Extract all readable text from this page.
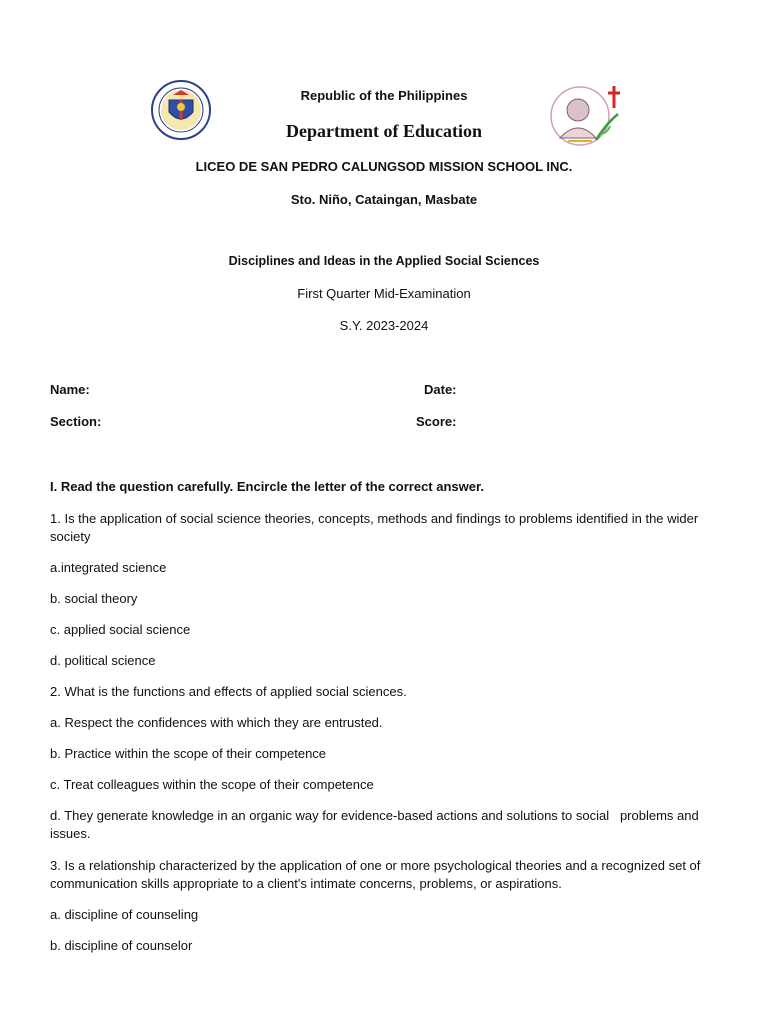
Republic of the Philippines
Department of Education
LICEO DE SAN PEDRO CALUNGSOD MISSION SCHOOL INC.
Sto. Niño, Cataingan, Masbate
Disciplines and Ideas in the Applied Social Sciences
First Quarter Mid-Examination
S.Y. 2023-2024
Name:	Date:
Section:	Score:
I. Read the question carefully. Encircle the letter of the correct answer.
1. Is the application of social science theories, concepts, methods and findings to problems identified in the wider society
a.integrated science
b. social theory
c. applied social science
d. political science
2. What is the functions and effects of applied social sciences.
a. Respect the confidences with which they are entrusted.
b. Practice within the scope of their competence
c. Treat colleagues within the scope of their competence
d. They generate knowledge in an organic way for evidence-based actions and solutions to social   problems and issues.
3. Is a relationship characterized by the application of one or more psychological theories and a recognized set of communication skills appropriate to a client's intimate concerns, problems, or aspirations.
a. discipline of counseling
b. discipline of counselor
